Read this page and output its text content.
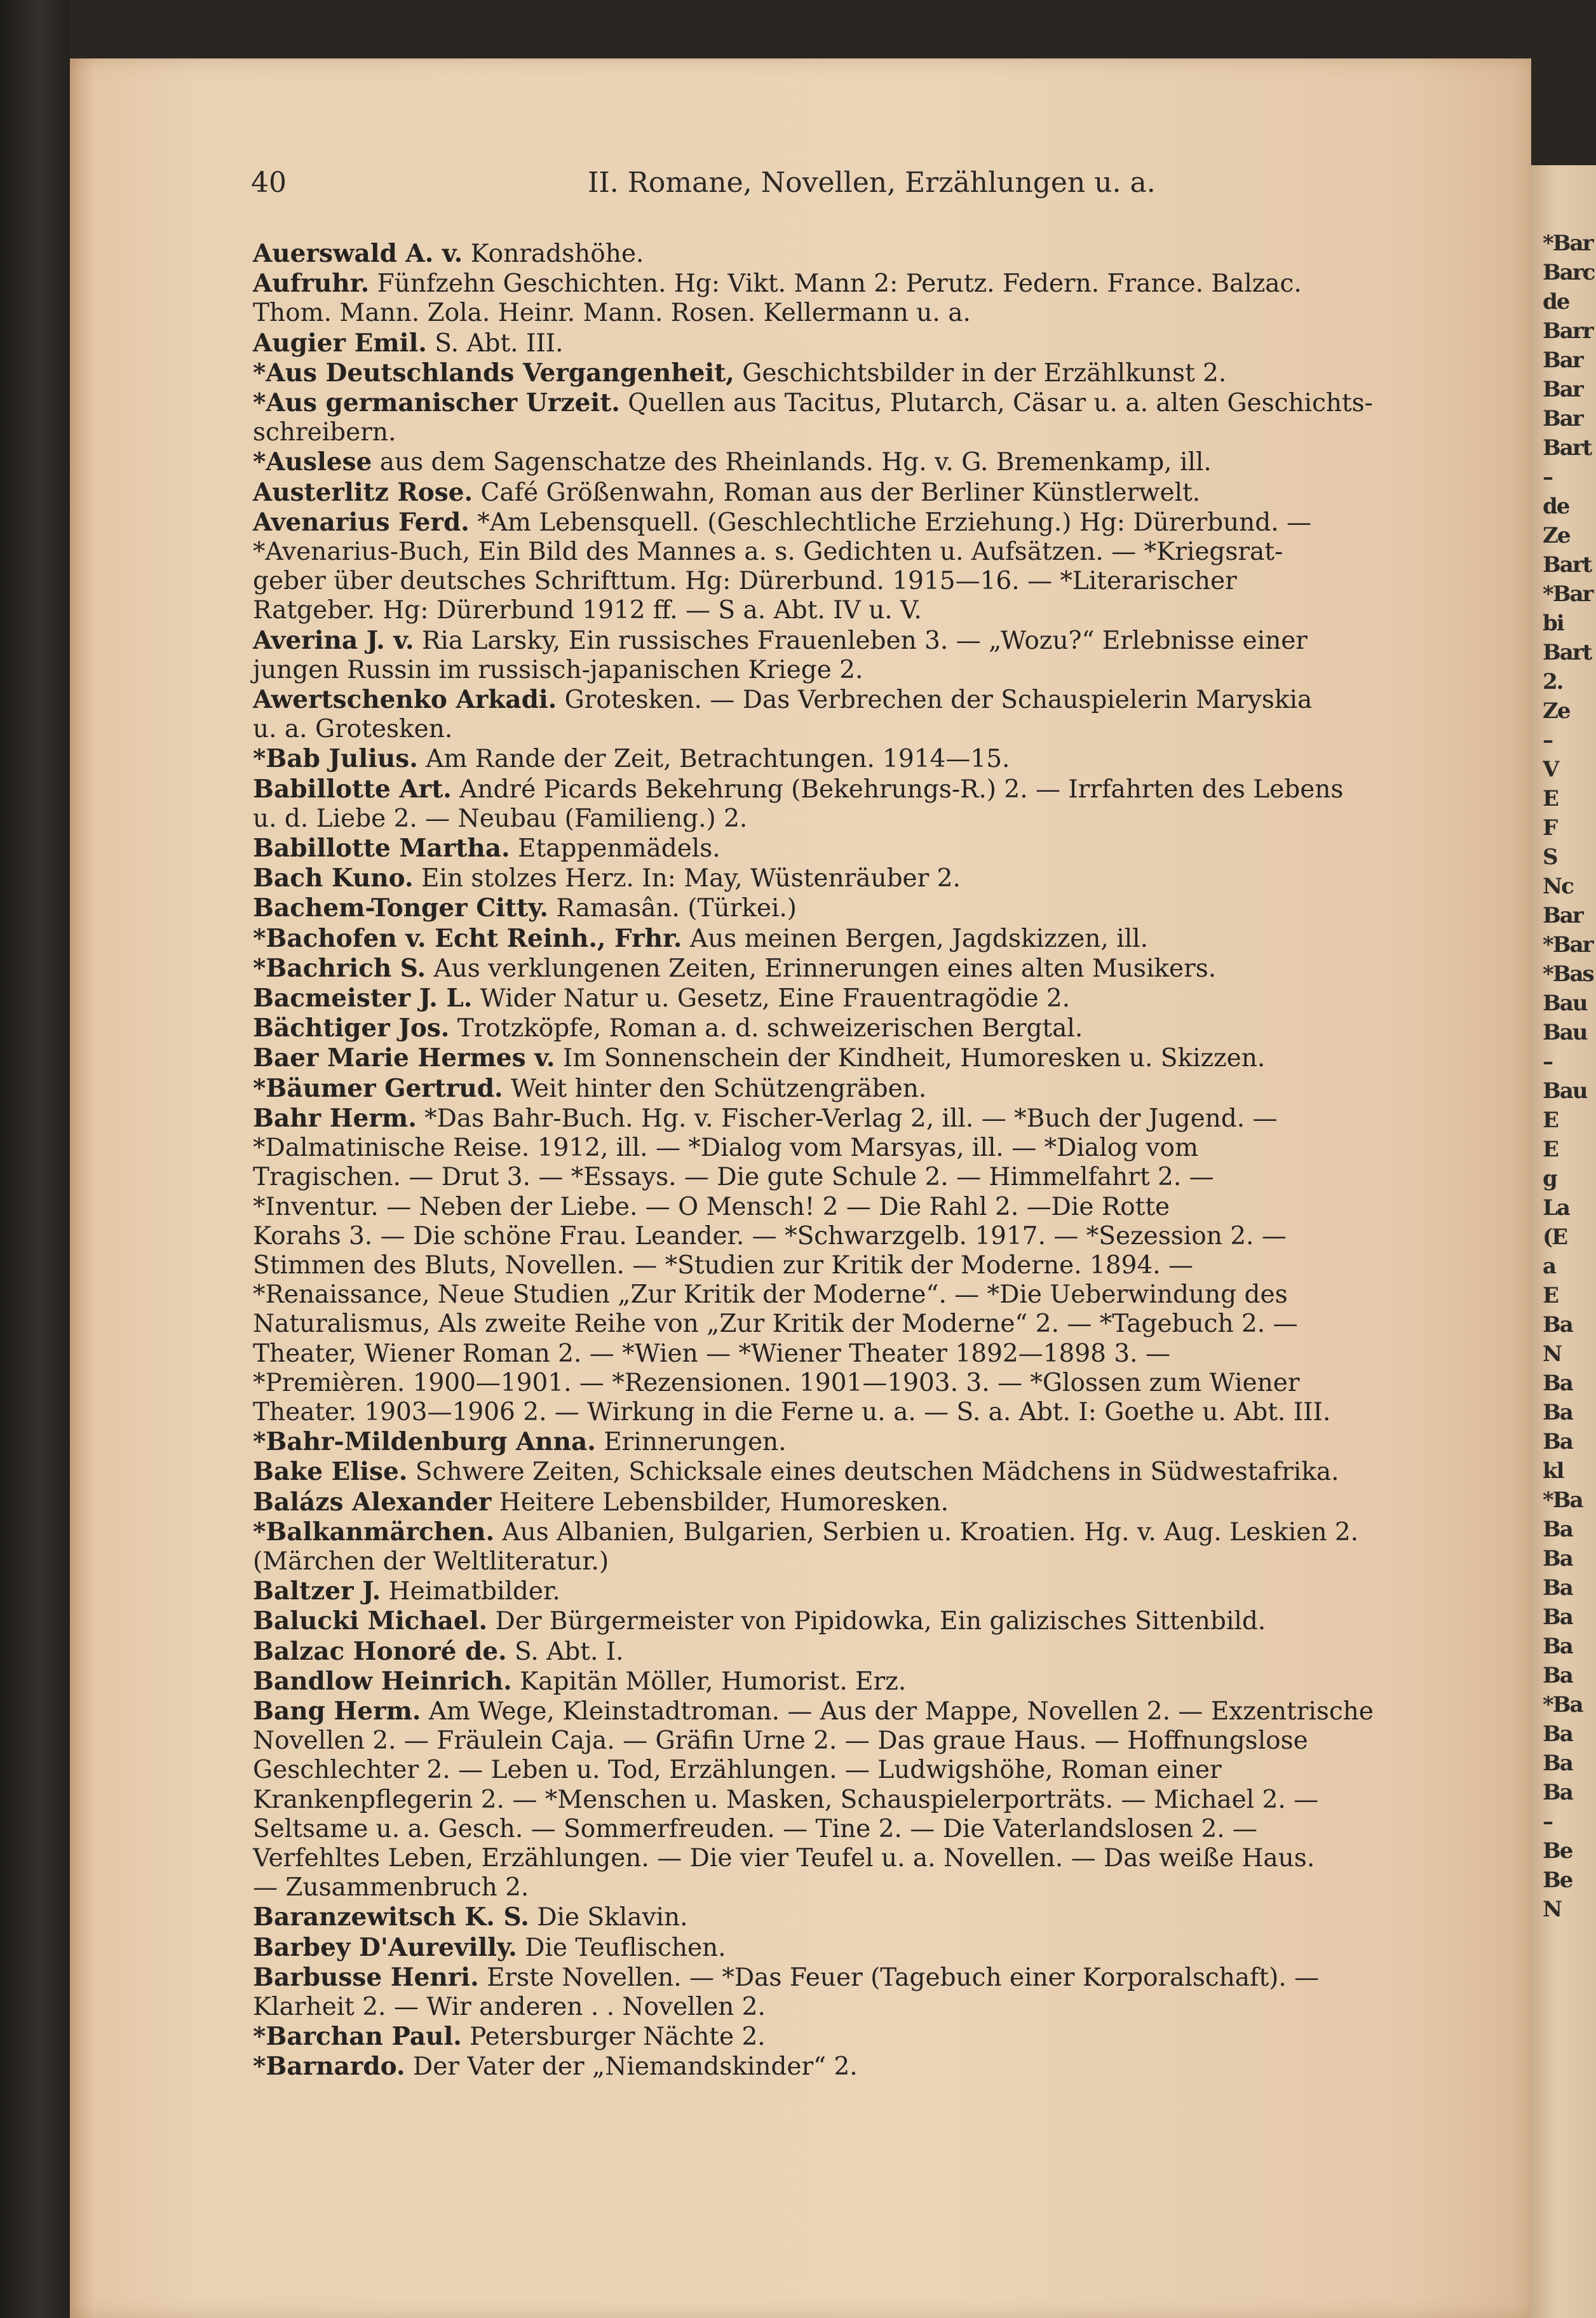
*Bar
Barc
de
Barr
Bar
Bar
Bar
Bart
–
de
Ze
Bart
*Bar
bi
Bart
2.
Ze
–
V
E
F
S
Nc
Bar
*Bar
*Bas
Bau
Bau
–
Bau
E
E
g
La
(E
a
E
Ba
N
Ba
Ba
Ba
kl
*Ba
Ba
Ba
Ba
Ba
Ba
Ba
*Ba
Ba
Ba
Ba
–
Be
Be
N
40	II. Romane, Novellen, Erzählungen u. a.

Auerswald A. v. Konradshöhe.

Aufruhr. Fünfzehn Geschichten. Hg: Vikt. Mann 2: Perutz. Federn. France. Balzac.
Thom. Mann. Zola. Heinr. Mann. Rosen. Kellermann u. a.

Augier Emil. S. Abt. III.

*Aus Deutschlands Vergangenheit, Geschichtsbilder in der Erzählkunst 2.

*Aus germanischer Urzeit. Quellen aus Tacitus, Plutarch, Cäsar u. a. alten Geschichts-
schreibern.

*Auslese aus dem Sagenschatze des Rheinlands. Hg. v. G. Bremenkamp, ill.

Austerlitz Rose. Café Größenwahn, Roman aus der Berliner Künstlerwelt.

Avenarius Ferd. *Am Lebensquell. (Geschlechtliche Erziehung.) Hg: Dürerbund. —
*Avenarius-Buch, Ein Bild des Mannes a. s. Gedichten u. Aufsätzen. — *Kriegsrat-
geber über deutsches Schrifttum. Hg: Dürerbund. 1915—16. — *Literarischer
Ratgeber. Hg: Dürerbund 1912 ff. — S a. Abt. IV u. V.

Averina J. v. Ria Larsky, Ein russisches Frauenleben 3. — „Wozu?“ Erlebnisse einer
jungen Russin im russisch-japanischen Kriege 2.

Awertschenko Arkadi. Grotesken. — Das Verbrechen der Schauspielerin Maryskia
u. a. Grotesken.

*Bab Julius. Am Rande der Zeit, Betrachtungen. 1914—15.

Babillotte Art. André Picards Bekehrung (Bekehrungs-R.) 2. — Irrfahrten des Lebens
u. d. Liebe 2. — Neubau (Familieng.) 2.

Babillotte Martha. Etappenmädels.

Bach Kuno. Ein stolzes Herz. In: May, Wüstenräuber 2.

Bachem-Tonger Citty. Ramasân. (Türkei.)

*Bachofen v. Echt Reinh., Frhr. Aus meinen Bergen, Jagdskizzen, ill.

*Bachrich S. Aus verklungenen Zeiten, Erinnerungen eines alten Musikers.

Bacmeister J. L. Wider Natur u. Gesetz, Eine Frauentragödie 2.

Bächtiger Jos. Trotzköpfe, Roman a. d. schweizerischen Bergtal.

Baer Marie Hermes v. Im Sonnenschein der Kindheit, Humoresken u. Skizzen.

*Bäumer Gertrud. Weit hinter den Schützengräben.

Bahr Herm. *Das Bahr-Buch. Hg. v. Fischer-Verlag 2, ill. — *Buch der Jugend. —
*Dalmatinische Reise. 1912, ill. — *Dialog vom Marsyas, ill. — *Dialog vom
Tragischen. — Drut 3. — *Essays. — Die gute Schule 2. — Himmelfahrt 2. —
*Inventur. — Neben der Liebe. — O Mensch! 2 — Die Rahl 2. —Die Rotte
Korahs 3. — Die schöne Frau. Leander. — *Schwarzgelb. 1917. — *Sezession 2. —
Stimmen des Bluts, Novellen. — *Studien zur Kritik der Moderne. 1894. —
*Renaissance, Neue Studien „Zur Kritik der Moderne“. — *Die Ueberwindung des
Naturalismus, Als zweite Reihe von „Zur Kritik der Moderne“ 2. — *Tagebuch 2. —
Theater, Wiener Roman 2. — *Wien — *Wiener Theater 1892—1898 3. —
*Premièren. 1900—1901. — *Rezensionen. 1901—1903. 3. — *Glossen zum Wiener
Theater. 1903—1906 2. — Wirkung in die Ferne u. a. — S. a. Abt. I: Goethe u. Abt. III.

*Bahr-Mildenburg Anna. Erinnerungen.

Bake Elise. Schwere Zeiten, Schicksale eines deutschen Mädchens in Südwestafrika.

Balázs Alexander Heitere Lebensbilder, Humoresken.

*Balkanmärchen. Aus Albanien, Bulgarien, Serbien u. Kroatien. Hg. v. Aug. Leskien 2.
(Märchen der Weltliteratur.)

Baltzer J. Heimatbilder.

Balucki Michael. Der Bürgermeister von Pipidowka, Ein galizisches Sittenbild.

Balzac Honoré de. S. Abt. I.

Bandlow Heinrich. Kapitän Möller, Humorist. Erz.

Bang Herm. Am Wege, Kleinstadtroman. — Aus der Mappe, Novellen 2. — Exzentrische
Novellen 2. — Fräulein Caja. — Gräfin Urne 2. — Das graue Haus. — Hoffnungslose
Geschlechter 2. — Leben u. Tod, Erzählungen. — Ludwigshöhe, Roman einer
Krankenpflegerin 2. — *Menschen u. Masken, Schauspielerporträts. — Michael 2. —
Seltsame u. a. Gesch. — Sommerfreuden. — Tine 2. — Die Vaterlandslosen 2. —
Verfehltes Leben, Erzählungen. — Die vier Teufel u. a. Novellen. — Das weiße Haus.
— Zusammenbruch 2.

Baranzewitsch K. S. Die Sklavin.

Barbey D'Aurevilly. Die Teuflischen.

Barbusse Henri. Erste Novellen. — *Das Feuer (Tagebuch einer Korporalschaft). —
Klarheit 2. — Wir anderen . . Novellen 2.

*Barchan Paul. Petersburger Nächte 2.

*Barnardo. Der Vater der „Niemandskinder“ 2.
